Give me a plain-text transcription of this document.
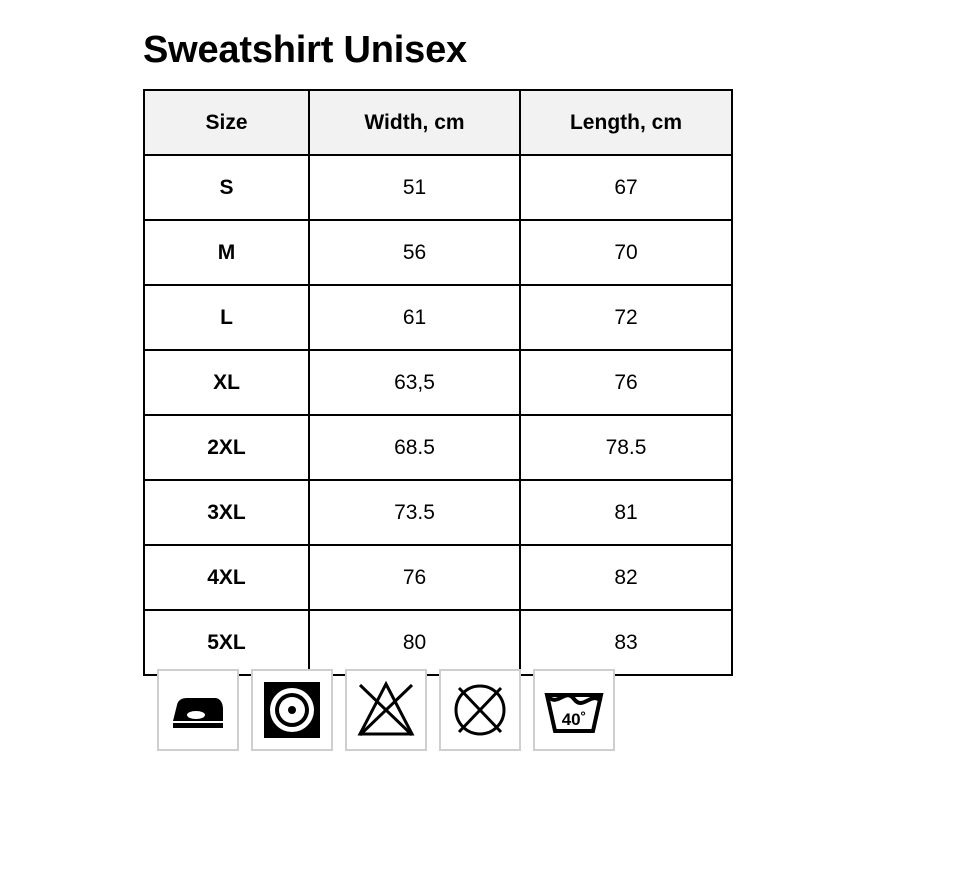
Sweatshirt Unisex
Size	Width, cm	Length, cm
S	51	67
M	56	70
L	61	72
XL	63,5	76
2XL	68.5	78.5
3XL	73.5	81
4XL	76	82
5XL	80	83
40˚
